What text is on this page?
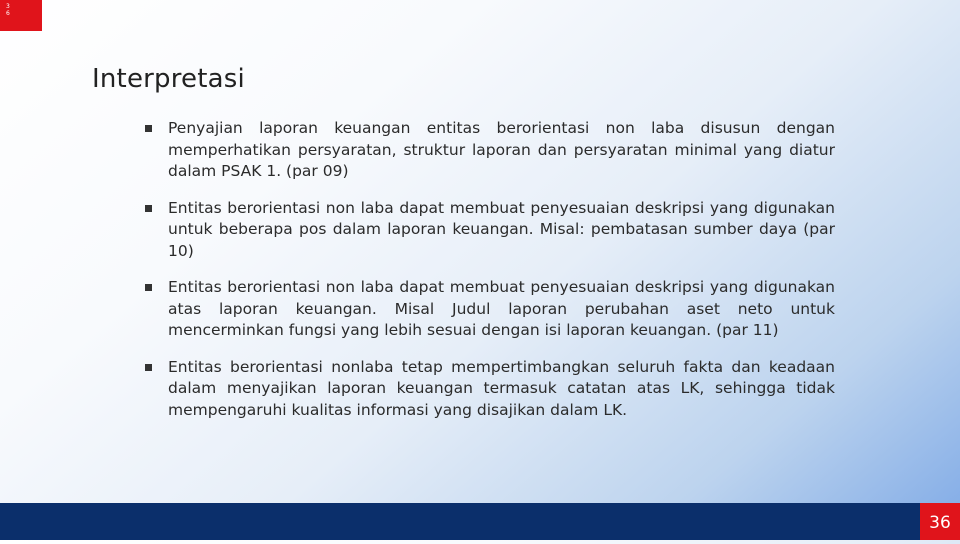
3
6
Interpretasi
Penyajian laporan keuangan entitas berorientasi non laba disusun dengan memperhatikan persyaratan, struktur laporan dan persyaratan minimal yang diatur dalam PSAK 1. (par 09)
Entitas berorientasi non laba dapat membuat penyesuaian deskripsi yang digunakan untuk beberapa pos dalam laporan keuangan. Misal: pembatasan sumber daya (par 10)
Entitas berorientasi non laba dapat membuat penyesuaian deskripsi yang digunakan atas laporan keuangan. Misal Judul laporan perubahan aset neto untuk mencerminkan fungsi yang lebih sesuai dengan isi laporan keuangan. (par 11)
Entitas berorientasi nonlaba tetap mempertimbangkan seluruh fakta dan keadaan dalam menyajikan laporan keuangan termasuk catatan atas LK, sehingga tidak mempengaruhi kualitas informasi yang disajikan dalam LK.
36
